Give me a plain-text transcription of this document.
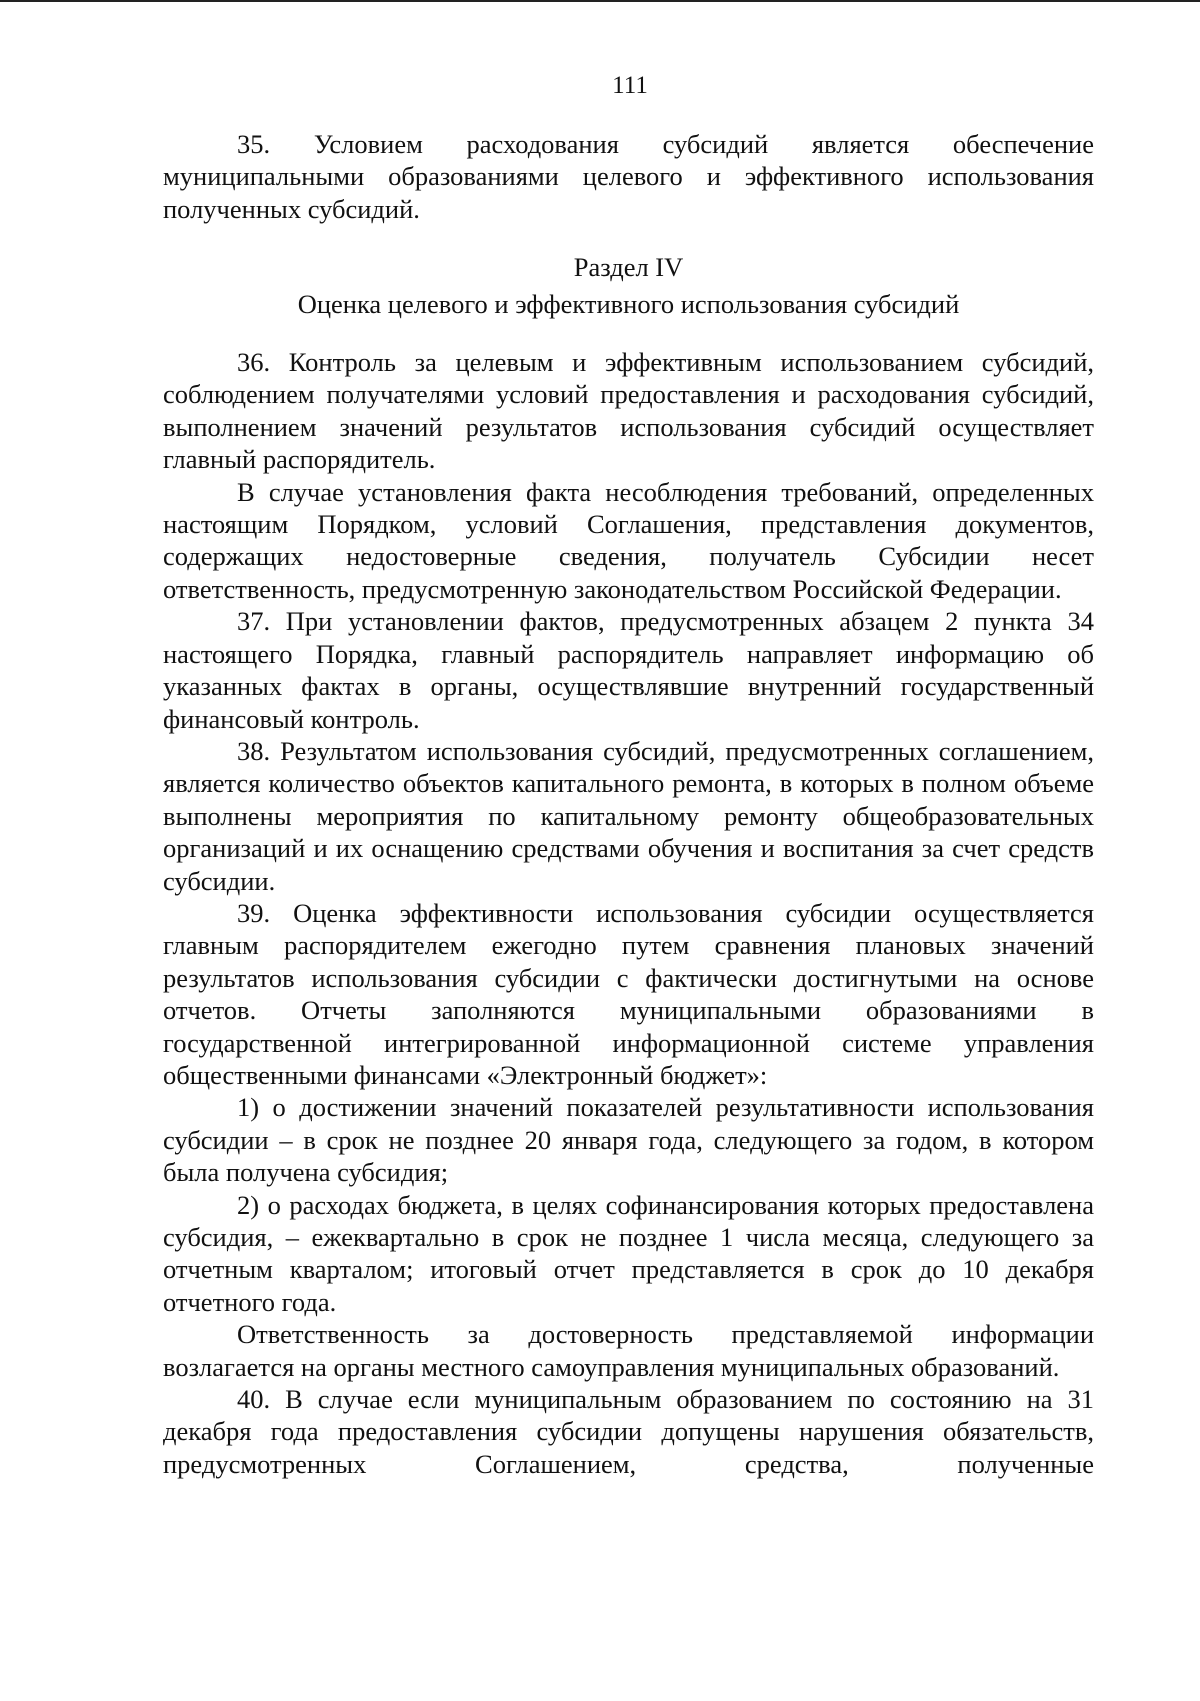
111

35. Условием расходования субсидий является обеспечение муниципальными образованиями целевого и эффективного использования полученных субсидий.

Раздел IV

Оценка целевого и эффективного использования субсидий

36. Контроль за целевым и эффективным использованием субсидий, соблюдением получателями условий предоставления и расходования субсидий, выполнением значений результатов использования субсидий осуществляет главный распорядитель.

В случае установления факта несоблюдения требований, определенных настоящим Порядком, условий Соглашения, представления документов, содержащих недостоверные сведения, получатель Субсидии несет ответственность, предусмотренную законодательством Российской Федерации.

37. При установлении фактов, предусмотренных абзацем 2 пункта 34 настоящего Порядка, главный распорядитель направляет информацию об указанных фактах в органы, осуществлявшие внутренний государственный финансовый контроль.

38. Результатом использования субсидий, предусмотренных соглашением, является количество объектов капитального ремонта, в которых в полном объеме выполнены мероприятия по капитальному ремонту общеобразовательных организаций и их оснащению средствами обучения и воспитания за счет средств субсидии.

39. Оценка эффективности использования субсидии осуществляется главным распорядителем ежегодно путем сравнения плановых значений результатов использования субсидии с фактически достигнутыми на основе отчетов. Отчеты заполняются муниципальными образованиями в государственной интегрированной информационной системе управления общественными финансами «Электронный бюджет»:

1) о достижении значений показателей результативности использования субсидии – в срок не позднее 20 января года, следующего за годом, в котором была получена субсидия;

2) о расходах бюджета, в целях софинансирования которых предоставлена субсидия, – ежеквартально в срок не позднее 1 числа месяца, следующего за отчетным кварталом; итоговый отчет представляется в срок до 10 декабря отчетного года.

Ответственность за достоверность представляемой информации возлагается на органы местного самоуправления муниципальных образований.

40. В случае если муниципальным образованием по состоянию на 31 декабря года предоставления субсидии допущены нарушения обязательств, предусмотренных Соглашением, средства, полученные
